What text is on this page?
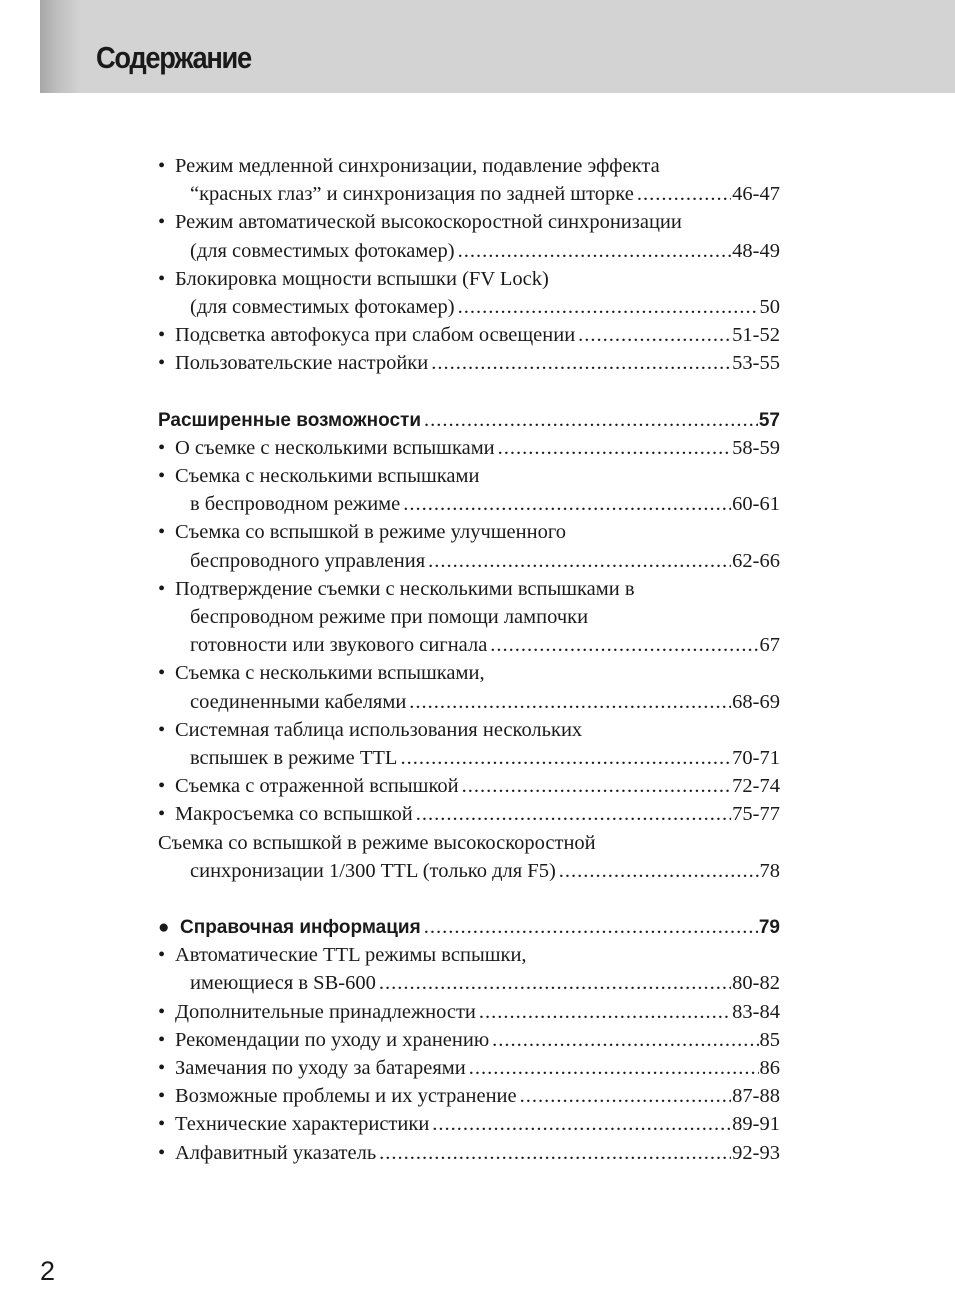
Содержание
• Режим медленной синхронизации, подавление эффекта
“красных глаз” и синхронизация по задней шторке .....	46-47
• Режим автоматической высокоскоростной синхронизации
(для совместимых фотокамер) .....	48-49
• Блокировка мощности вспышки (FV Lock)
(для совместимых фотокамер) .....	50
• Подсветка автофокуса при слабом освещении .....	51-52
• Пользовательские настройки .....	53-55
Расширенные возможности .....	57
• О съемке с несколькими вспышками .....	58-59
• Съемка с несколькими вспышками
в беспроводном режиме .....	60-61
• Съемка со вспышкой в режиме улучшенного
беспроводного управления .....	62-66
• Подтверждение съемки с несколькими вспышками в
беспроводном режиме при помощи лампочки
готовности или звукового сигнала .....	67
• Съемка с несколькими вспышками,
соединенными кабелями .....	68-69
• Системная таблица использования нескольких
вспышек в режиме TTL .....	70-71
• Съемка с отраженной вспышкой .....	72-74
• Макросъемка со вспышкой .....	75-77
Съемка со вспышкой в режиме высокоскоростной
синхронизации 1/300 TTL (только для F5) .....	78
● Справочная информация .....	79
• Автоматические TTL режимы вспышки,
имеющиеся в SB-600 .....	80-82
• Дополнительные принадлежности .....	83-84
• Рекомендации по уходу и хранению .....	85
• Замечания по уходу за батареями .....	86
• Возможные проблемы и их устранение .....	87-88
• Технические характеристики .....	89-91
• Алфавитный указатель .....	92-93

2
